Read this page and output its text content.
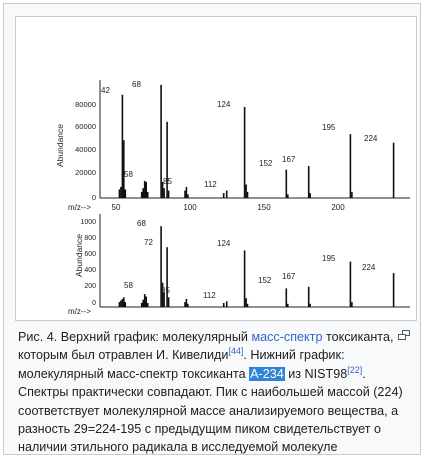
Abundance
m/z-->
80000
60000
40000
20000
0
50	100	150	200
42
58
68
85	112
124
152 167
195
224
Abundance
m/z-->
1000
800
600
400
200
0
58
68
72
85
112
124
152 167
195
224
Рис. 4. Верхний график: молекулярный масс-спектр токсиканта, которым был отравлен И. Кивелиди[44]. Нижний график: молекулярный масс-спектр токсиканта А-234 из NIST98[22]. Спектры практически совпадают. Пик с наибольшей массой (224) соответствует молекулярной массе анализируемого вещества, а разность 29=224-195 с предыдущим пиком свидетельствует о наличии этильного радикала в исследуемой молекуле
